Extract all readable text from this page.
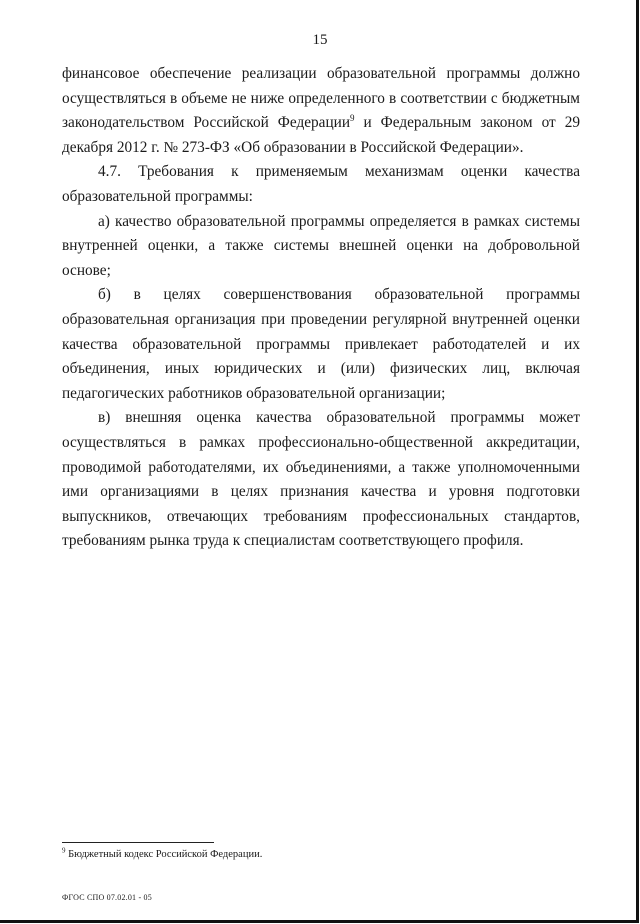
15

финансовое обеспечение реализации образовательной программы должно осуществляться в объеме не ниже определенного в соответствии с бюджетным законодательством Российской Федерации$^9$ и Федеральным законом от 29 декабря 2012 г. № 273-ФЗ «Об образовании в Российской Федерации».

4.7. Требования к применяемым механизмам оценки качества образовательной программы:

а) качество образовательной программы определяется в рамках системы внутренней оценки, а также системы внешней оценки на добровольной основе;

б) в целях совершенствования образовательной программы образовательная организация при проведении регулярной внутренней оценки качества образовательной программы привлекает работодателей и их объединения, иных юридических и (или) физических лиц, включая педагогических работников образовательной организации;

в) внешняя оценка качества образовательной программы может осуществляться в рамках профессионально-общественной аккредитации, проводимой работодателями, их объединениями, а также уполномоченными ими организациями в целях признания качества и уровня подготовки выпускников, отвечающих требованиям профессиональных стандартов, требованиям рынка труда к специалистам соответствующего профиля.

$^9$ Бюджетный кодекс Российской Федерации.
ФГОС СПО 07.02.01 - 05
